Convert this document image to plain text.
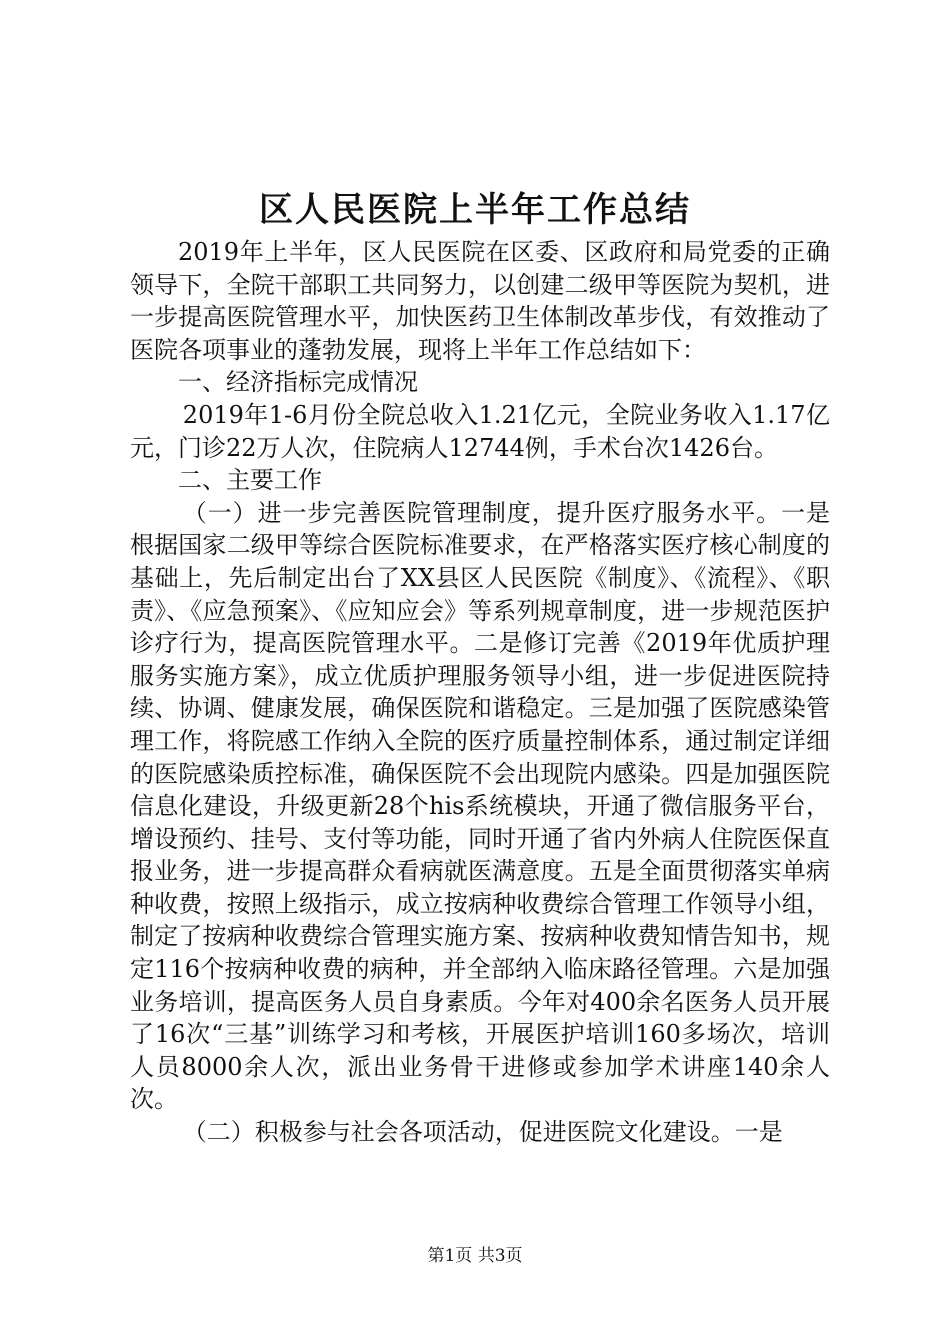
区人民医院上半年工作总结

2019年上半年，区人民医院在区委、区政府和局党委的正确领导下，全院干部职工共同努力，以创建二级甲等医院为契机，进一步提高医院管理水平，加快医药卫生体制改革步伐，有效推动了医院各项事业的蓬勃发展，现将上半年工作总结如下：

一、经济指标完成情况

2019年1-6月份全院总收入1.21亿元，全院业务收入1.17亿元，门诊22万人次，住院病人12744例，手术台次1426台。

二、主要工作

（一）进一步完善医院管理制度，提升医疗服务水平。一是根据国家二级甲等综合医院标准要求，在严格落实医疗核心制度的基础上，先后制定出台了XX县区人民医院《制度》、《流程》、《职责》、《应急预案》、《应知应会》等系列规章制度，进一步规范医护诊疗行为，提高医院管理水平。二是修订完善《2019年优质护理服务实施方案》，成立优质护理服务领导小组，进一步促进医院持续、协调、健康发展，确保医院和谐稳定。三是加强了医院感染管理工作，将院感工作纳入全院的医疗质量控制体系，通过制定详细的医院感染质控标准，确保医院不会出现院内感染。四是加强医院信息化建设，升级更新28个his系统模块，开通了微信服务平台，增设预约、挂号、支付等功能，同时开通了省内外病人住院医保直报业务，进一步提高群众看病就医满意度。五是全面贯彻落实单病种收费，按照上级指示，成立按病种收费综合管理工作领导小组，制定了按病种收费综合管理实施方案、按病种收费知情告知书，规定116个按病种收费的病种，并全部纳入临床路径管理。六是加强业务培训，提高医务人员自身素质。今年对400余名医务人员开展了16次“三基”训练学习和考核，开展医护培训160多场次，培训人员8000余人次，派出业务骨干进修或参加学术讲座140余人次。

（二）积极参与社会各项活动，促进医院文化建设。一是

第1页 共3页
